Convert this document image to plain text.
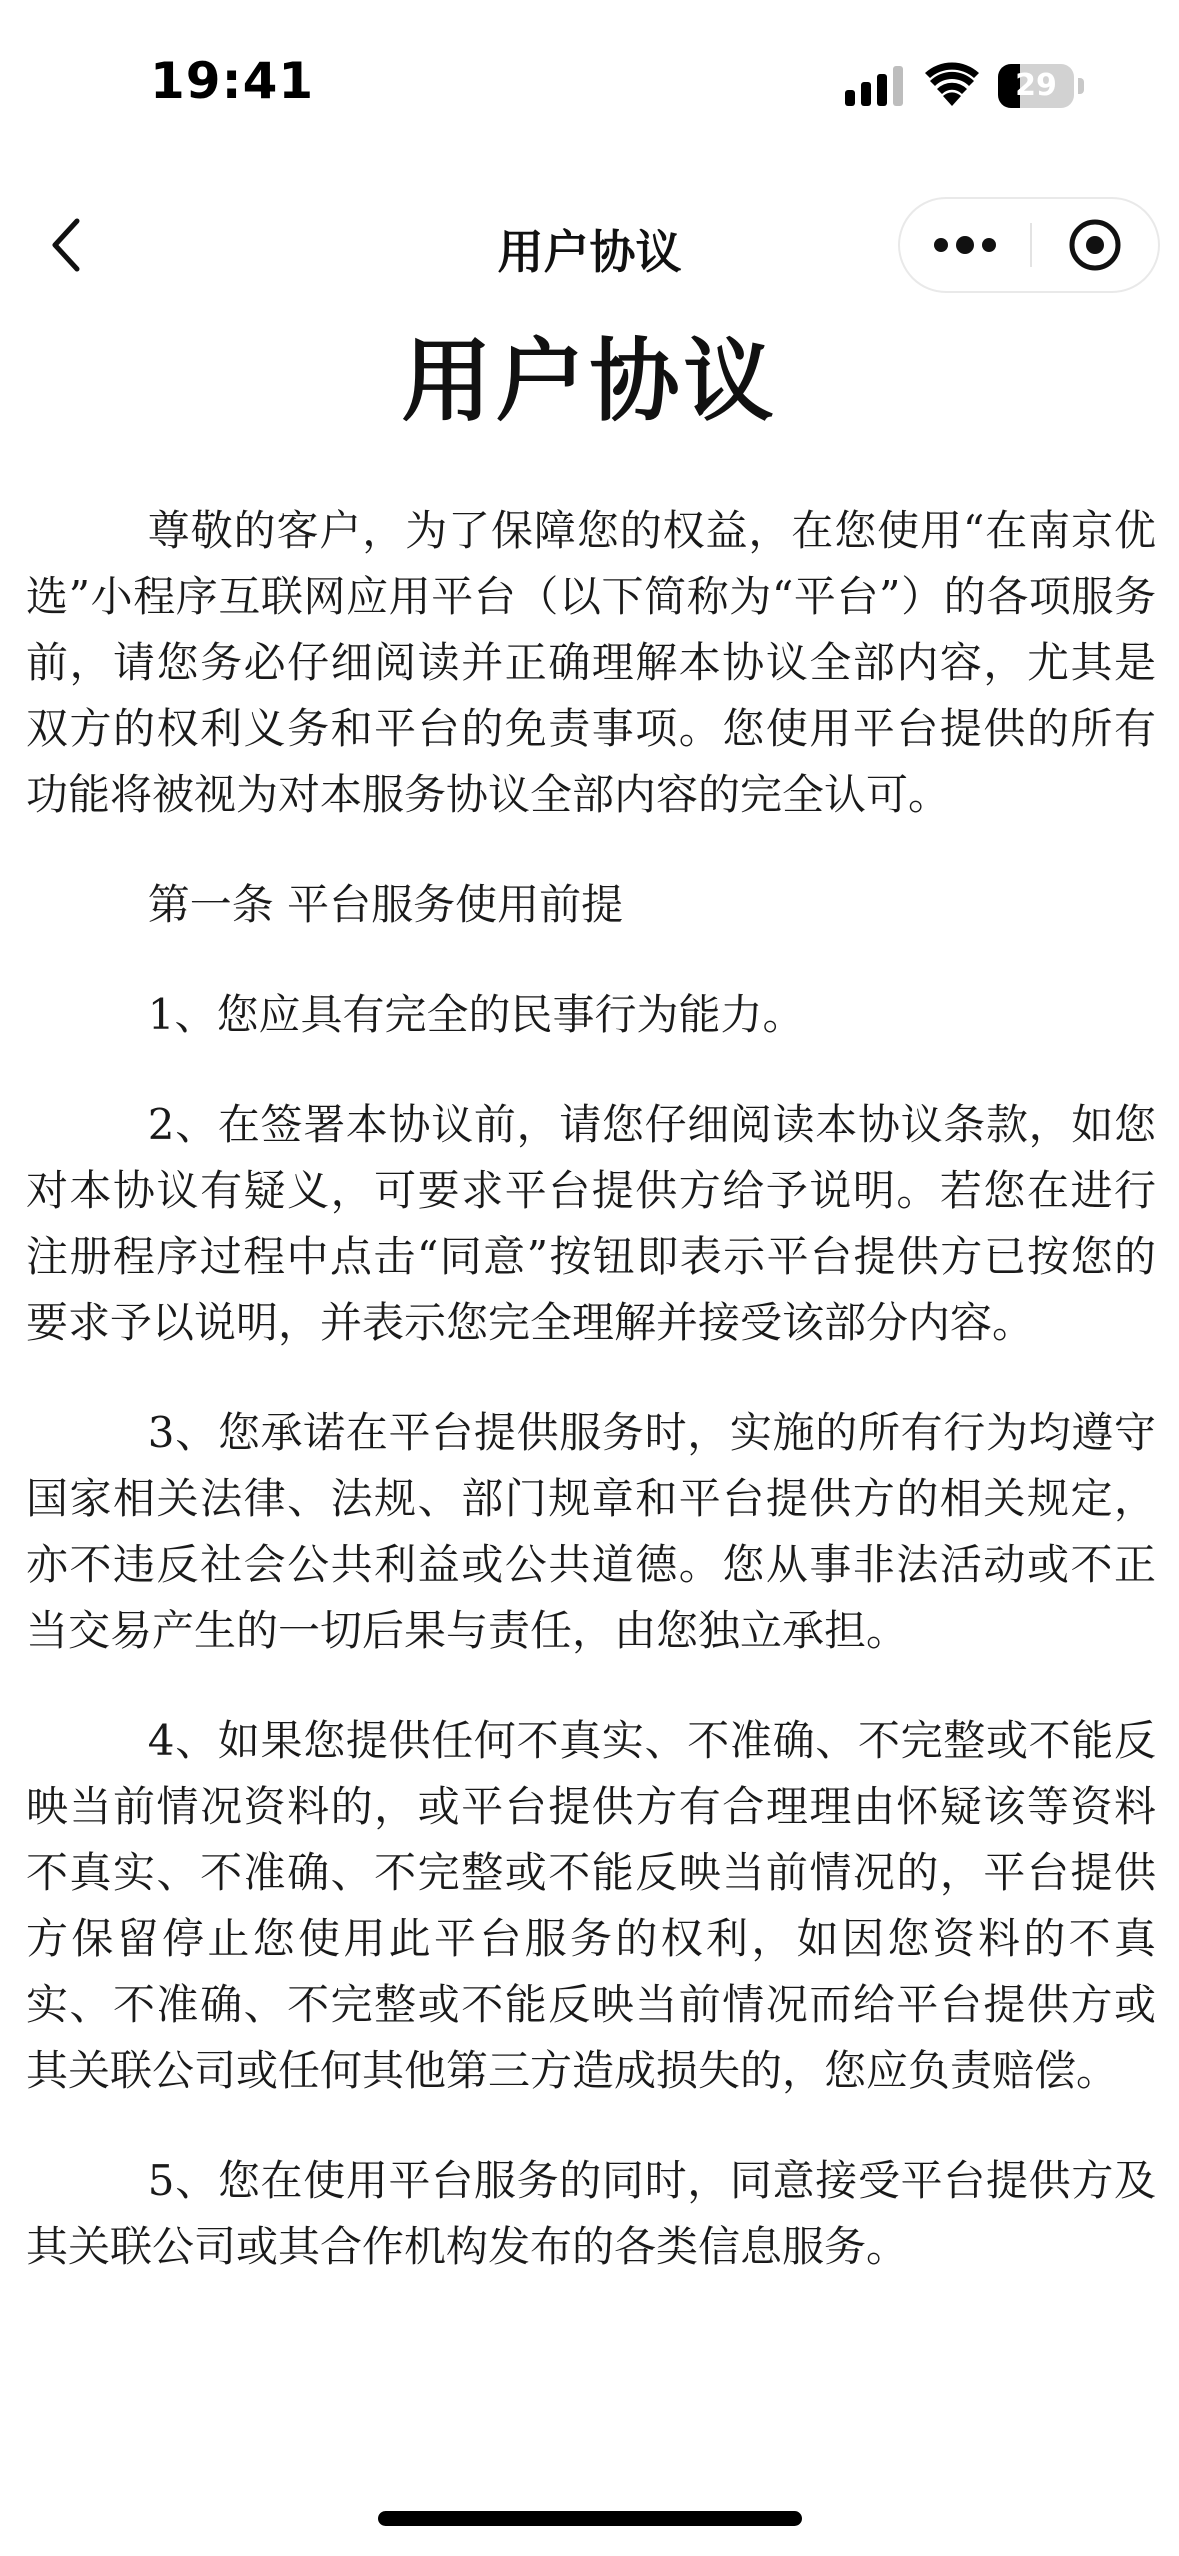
19:41	29
用户协议
用户协议

尊敬的客户，为了保障您的权益，在您使用“在南京优选”小程序互联网应用平台（以下简称为“平台”）的各项服务前，请您务必仔细阅读并正确理解本协议全部内容，尤其是双方的权利义务和平台的免责事项。您使用平台提供的所有功能将被视为对本服务协议全部内容的完全认可。

第一条 平台服务使用前提

1、您应具有完全的民事行为能力。

2、在签署本协议前，请您仔细阅读本协议条款，如您对本协议有疑义，可要求平台提供方给予说明。若您在进行注册程序过程中点击“同意”按钮即表示平台提供方已按您的要求予以说明，并表示您完全理解并接受该部分内容。

3、您承诺在平台提供服务时，实施的所有行为均遵守国家相关法律、法规、部门规章和平台提供方的相关规定，亦不违反社会公共利益或公共道德。您从事非法活动或不正当交易产生的一切后果与责任，由您独立承担。

4、如果您提供任何不真实、不准确、不完整或不能反映当前情况资料的，或平台提供方有合理理由怀疑该等资料不真实、不准确、不完整或不能反映当前情况的，平台提供方保留停止您使用此平台服务的权利，如因您资料的不真实、不准确、不完整或不能反映当前情况而给平台提供方或其关联公司或任何其他第三方造成损失的，您应负责赔偿。

5、您在使用平台服务的同时，同意接受平台提供方及其关联公司或其合作机构发布的各类信息服务。
